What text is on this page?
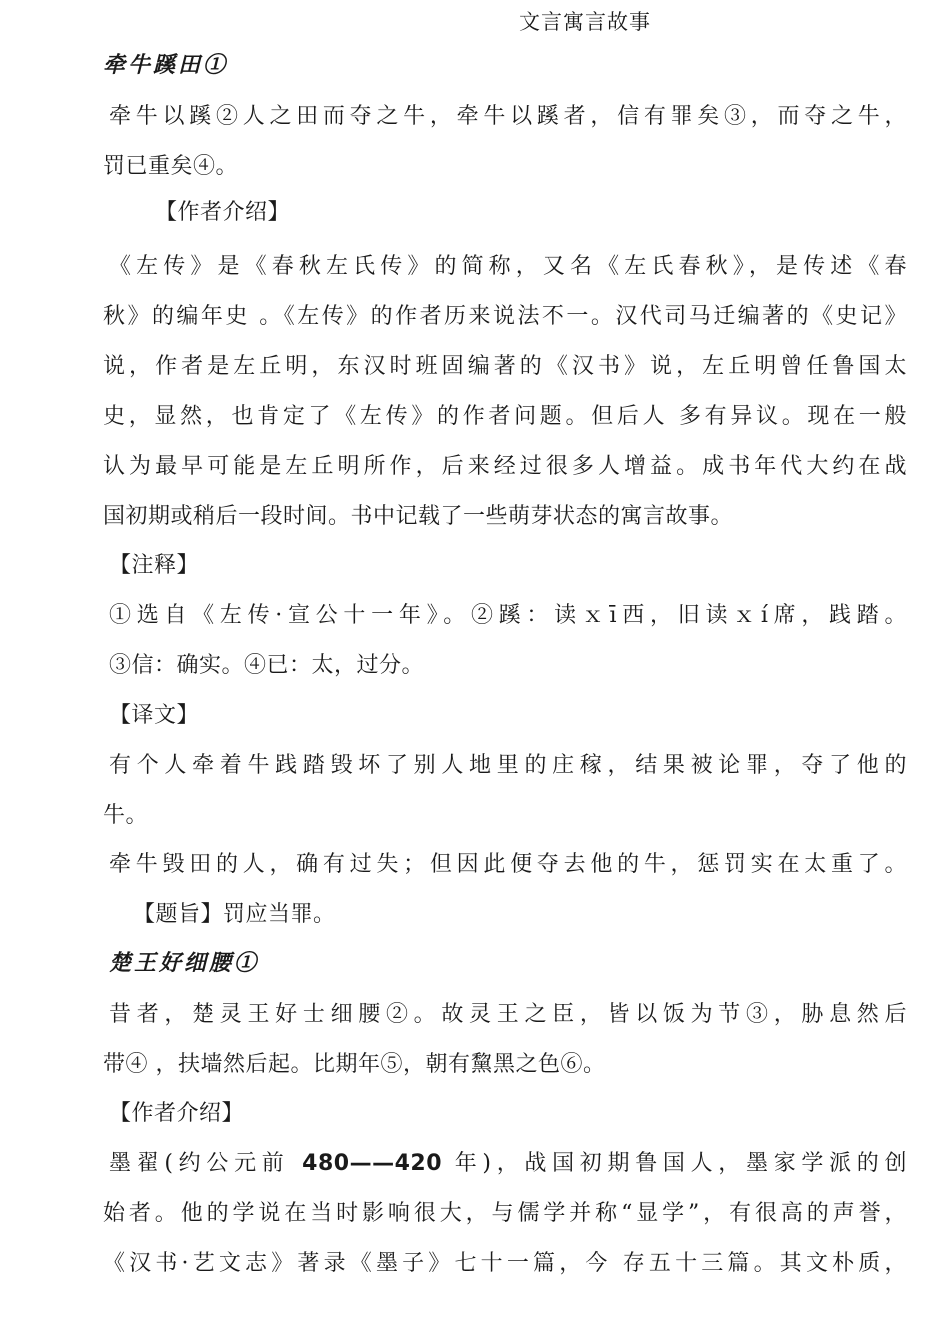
文言寓言故事
牵牛蹊田①
牵牛以蹊②人之田而夺之牛，牵牛以蹊者，信有罪矣③，而夺之牛，
罚已重矣④。
【作者介绍】
《左传》是《春秋左氏传》的简称，又名《左氏春秋》，是传述《春
秋》的编年史 。《左传》的作者历来说法不一。汉代司马迁编著的《史记》
说，作者是左丘明，东汉时班固编著的《汉书》说，左丘明曾任鲁国太
史，显然，也肯定了《左传》的作者问题。但后人 多有异议。现在一般
认为最早可能是左丘明所作，后来经过很多人增益。成书年代大约在战
国初期或稍后一段时间。书中记载了一些萌芽状态的寓言故事。
【注释】
①选自《左传·宣公十一年》。②蹊：读ｘī西，旧读ｘí席，践踏。
③信：确实。④已：太，过分。
【译文】
有个人牵着牛践踏毁坏了别人地里的庄稼，结果被论罪，夺了他的
牛。
牵牛毁田的人，确有过失；但因此便夺去他的牛，惩罚实在太重了。
【题旨】罚应当罪。
楚王好细腰①
昔者，楚灵王好士细腰②。故灵王之臣，皆以饭为节③，胁息然后
带④ ，扶墙然后起。比期年⑤，朝有黧黑之色⑥。
【作者介绍】
墨翟(约公元前 480——420 年)，战国初期鲁国人，墨家学派的创
始者。他的学说在当时影响很大，与儒学并称“显学”，有很高的声誉，
《汉书·艺文志》著录《墨子》七十一篇，今 存五十三篇。其文朴质，
